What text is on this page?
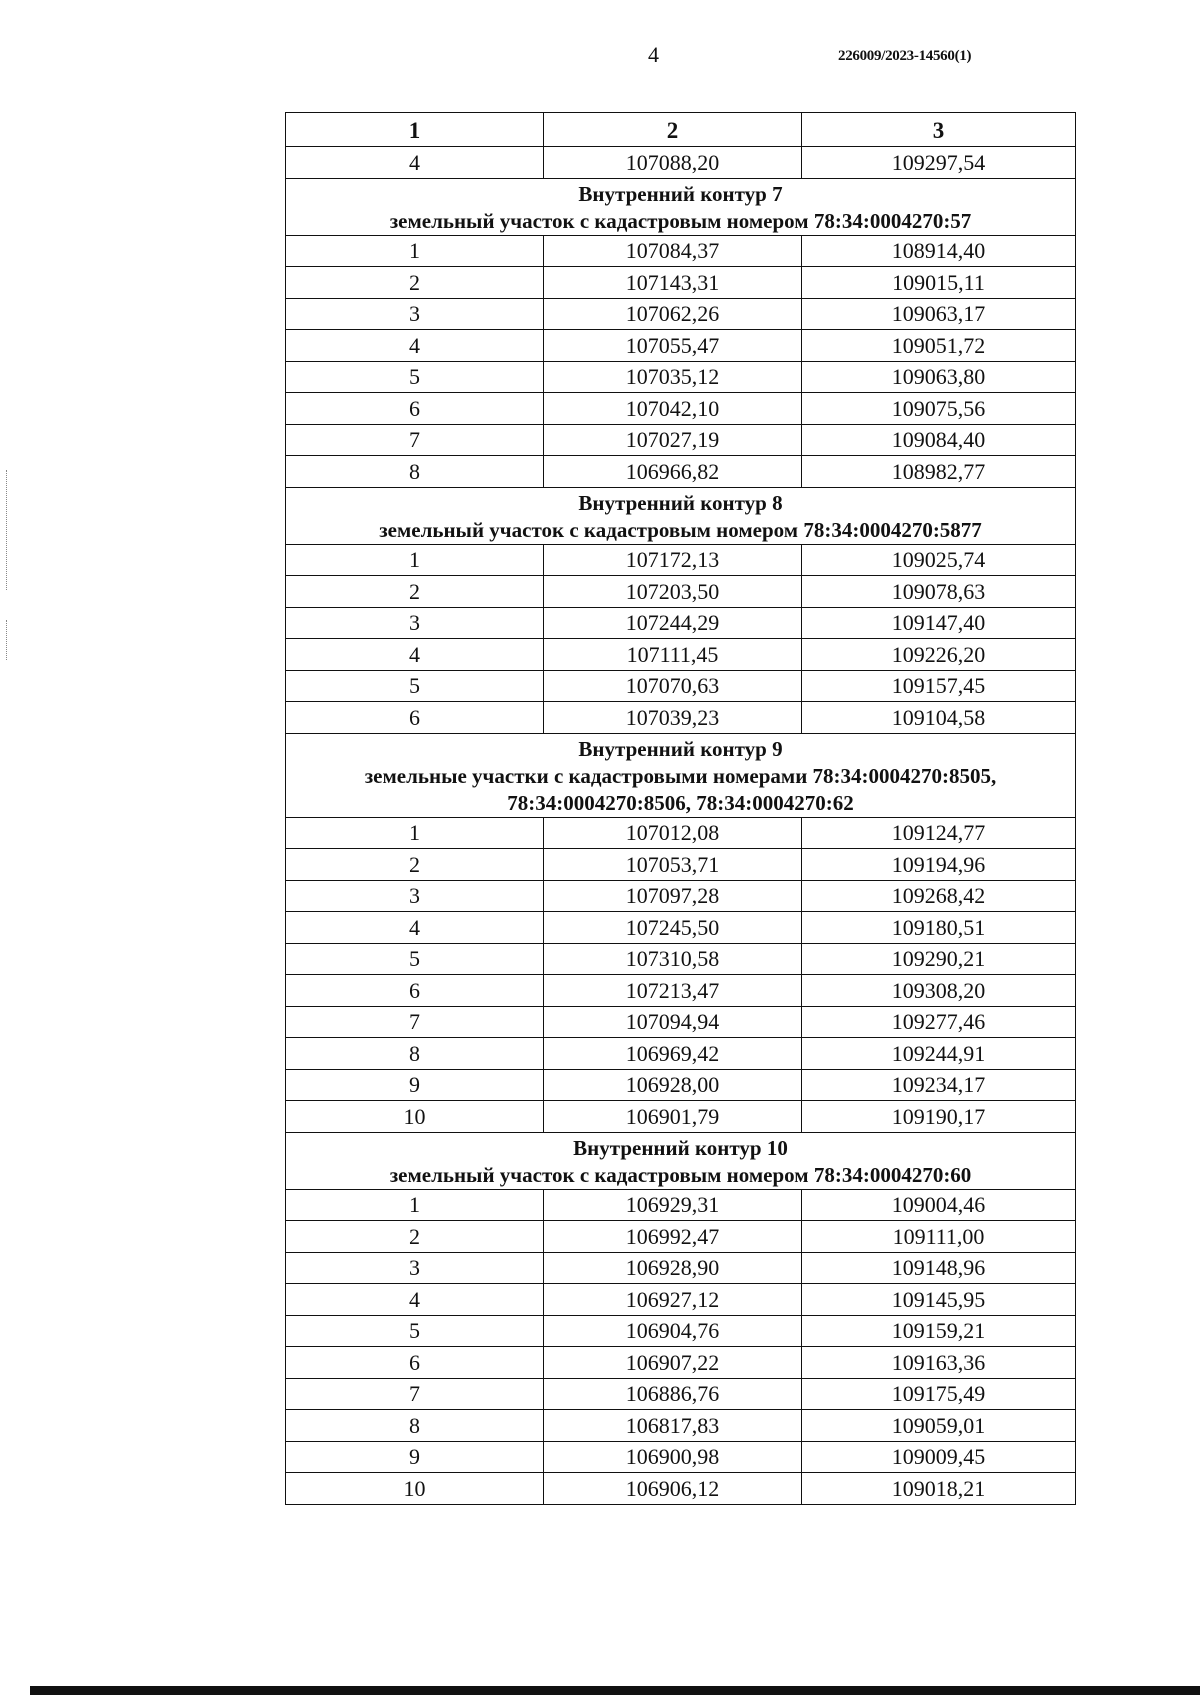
4	226009/2023-14560(1)
1	2	3
4	107088,20	109297,54

Внутренний контур 7
земельный участок с кадастровым номером 78:34:0004270:57		

1	107084,37	108914,40
2	107143,31	109015,11
3	107062,26	109063,17
4	107055,47	109051,72
5	107035,12	109063,80
6	107042,10	109075,56
7	107027,19	109084,40
8	106966,82	108982,77

Внутренний контур 8
земельный участок с кадастровым номером 78:34:0004270:5877		

1	107172,13	109025,74
2	107203,50	109078,63
3	107244,29	109147,40
4	107111,45	109226,20
5	107070,63	109157,45
6	107039,23	109104,58

Внутренний контур 9
земельные участки с кадастровыми номерами 78:34:0004270:8505,
78:34:0004270:8506, 78:34:0004270:62		

1	107012,08	109124,77
2	107053,71	109194,96
3	107097,28	109268,42
4	107245,50	109180,51
5	107310,58	109290,21
6	107213,47	109308,20
7	107094,94	109277,46
8	106969,42	109244,91
9	106928,00	109234,17
10	106901,79	109190,17

Внутренний контур 10
земельный участок с кадастровым номером 78:34:0004270:60		

1	106929,31	109004,46
2	106992,47	109111,00
3	106928,90	109148,96
4	106927,12	109145,95
5	106904,76	109159,21
6	106907,22	109163,36
7	106886,76	109175,49
8	106817,83	109059,01
9	106900,98	109009,45
10	106906,12	109018,21
